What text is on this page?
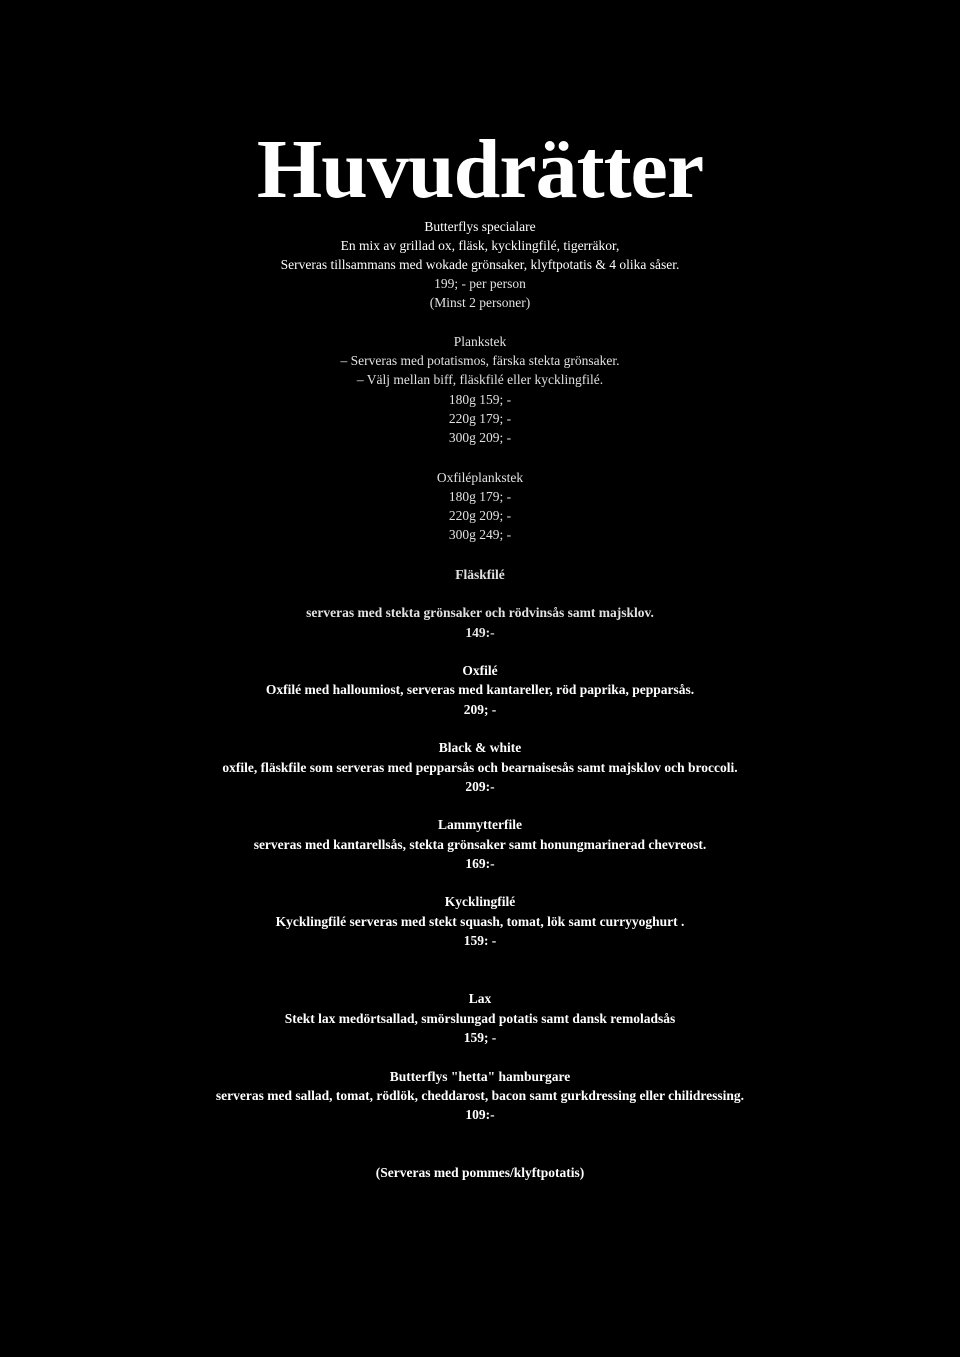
Huvudrätter
Butterflys specialare
En mix av grillad ox, fläsk, kycklingfilé, tigerräkor,
Serveras tillsammans med wokade grönsaker, klyftpotatis & 4 olika såser.
199; - per person
(Minst 2 personer)
Plankstek
– Serveras med potatismos, färska stekta grönsaker.
– Välj mellan biff, fläskfilé eller kycklingfilé.
180g 159; -
220g 179; -
300g 209; -
Oxfiléplankstek
180g 179; -
220g 209; -
300g 249; -
Fläskfilé
serveras med stekta grönsaker och rödvinsås samt majsklov.
149:-
Oxfilé
Oxfilé med halloumiost, serveras med kantareller, röd paprika, pepparsås.
209; -
Black & white
oxfile, fläskfile som serveras med pepparsås och bearnaisesås samt majsklov och broccoli.
209:-
Lammytterfile
serveras med kantarellsås, stekta grönsaker samt honungmarinerad chevreost.
169:-
Kycklingfilé
Kycklingfilé serveras med stekt squash, tomat, lök samt curryyoghurt .
159: -
Lax
Stekt lax medörtsallad, smörslungad potatis samt dansk remoladsås
159; -
Butterflys "hetta" hamburgare
serveras med sallad, tomat, rödlök, cheddarost, bacon samt gurkdressing eller chilidressing.
109:-
(Serveras med pommes/klyftpotatis)
